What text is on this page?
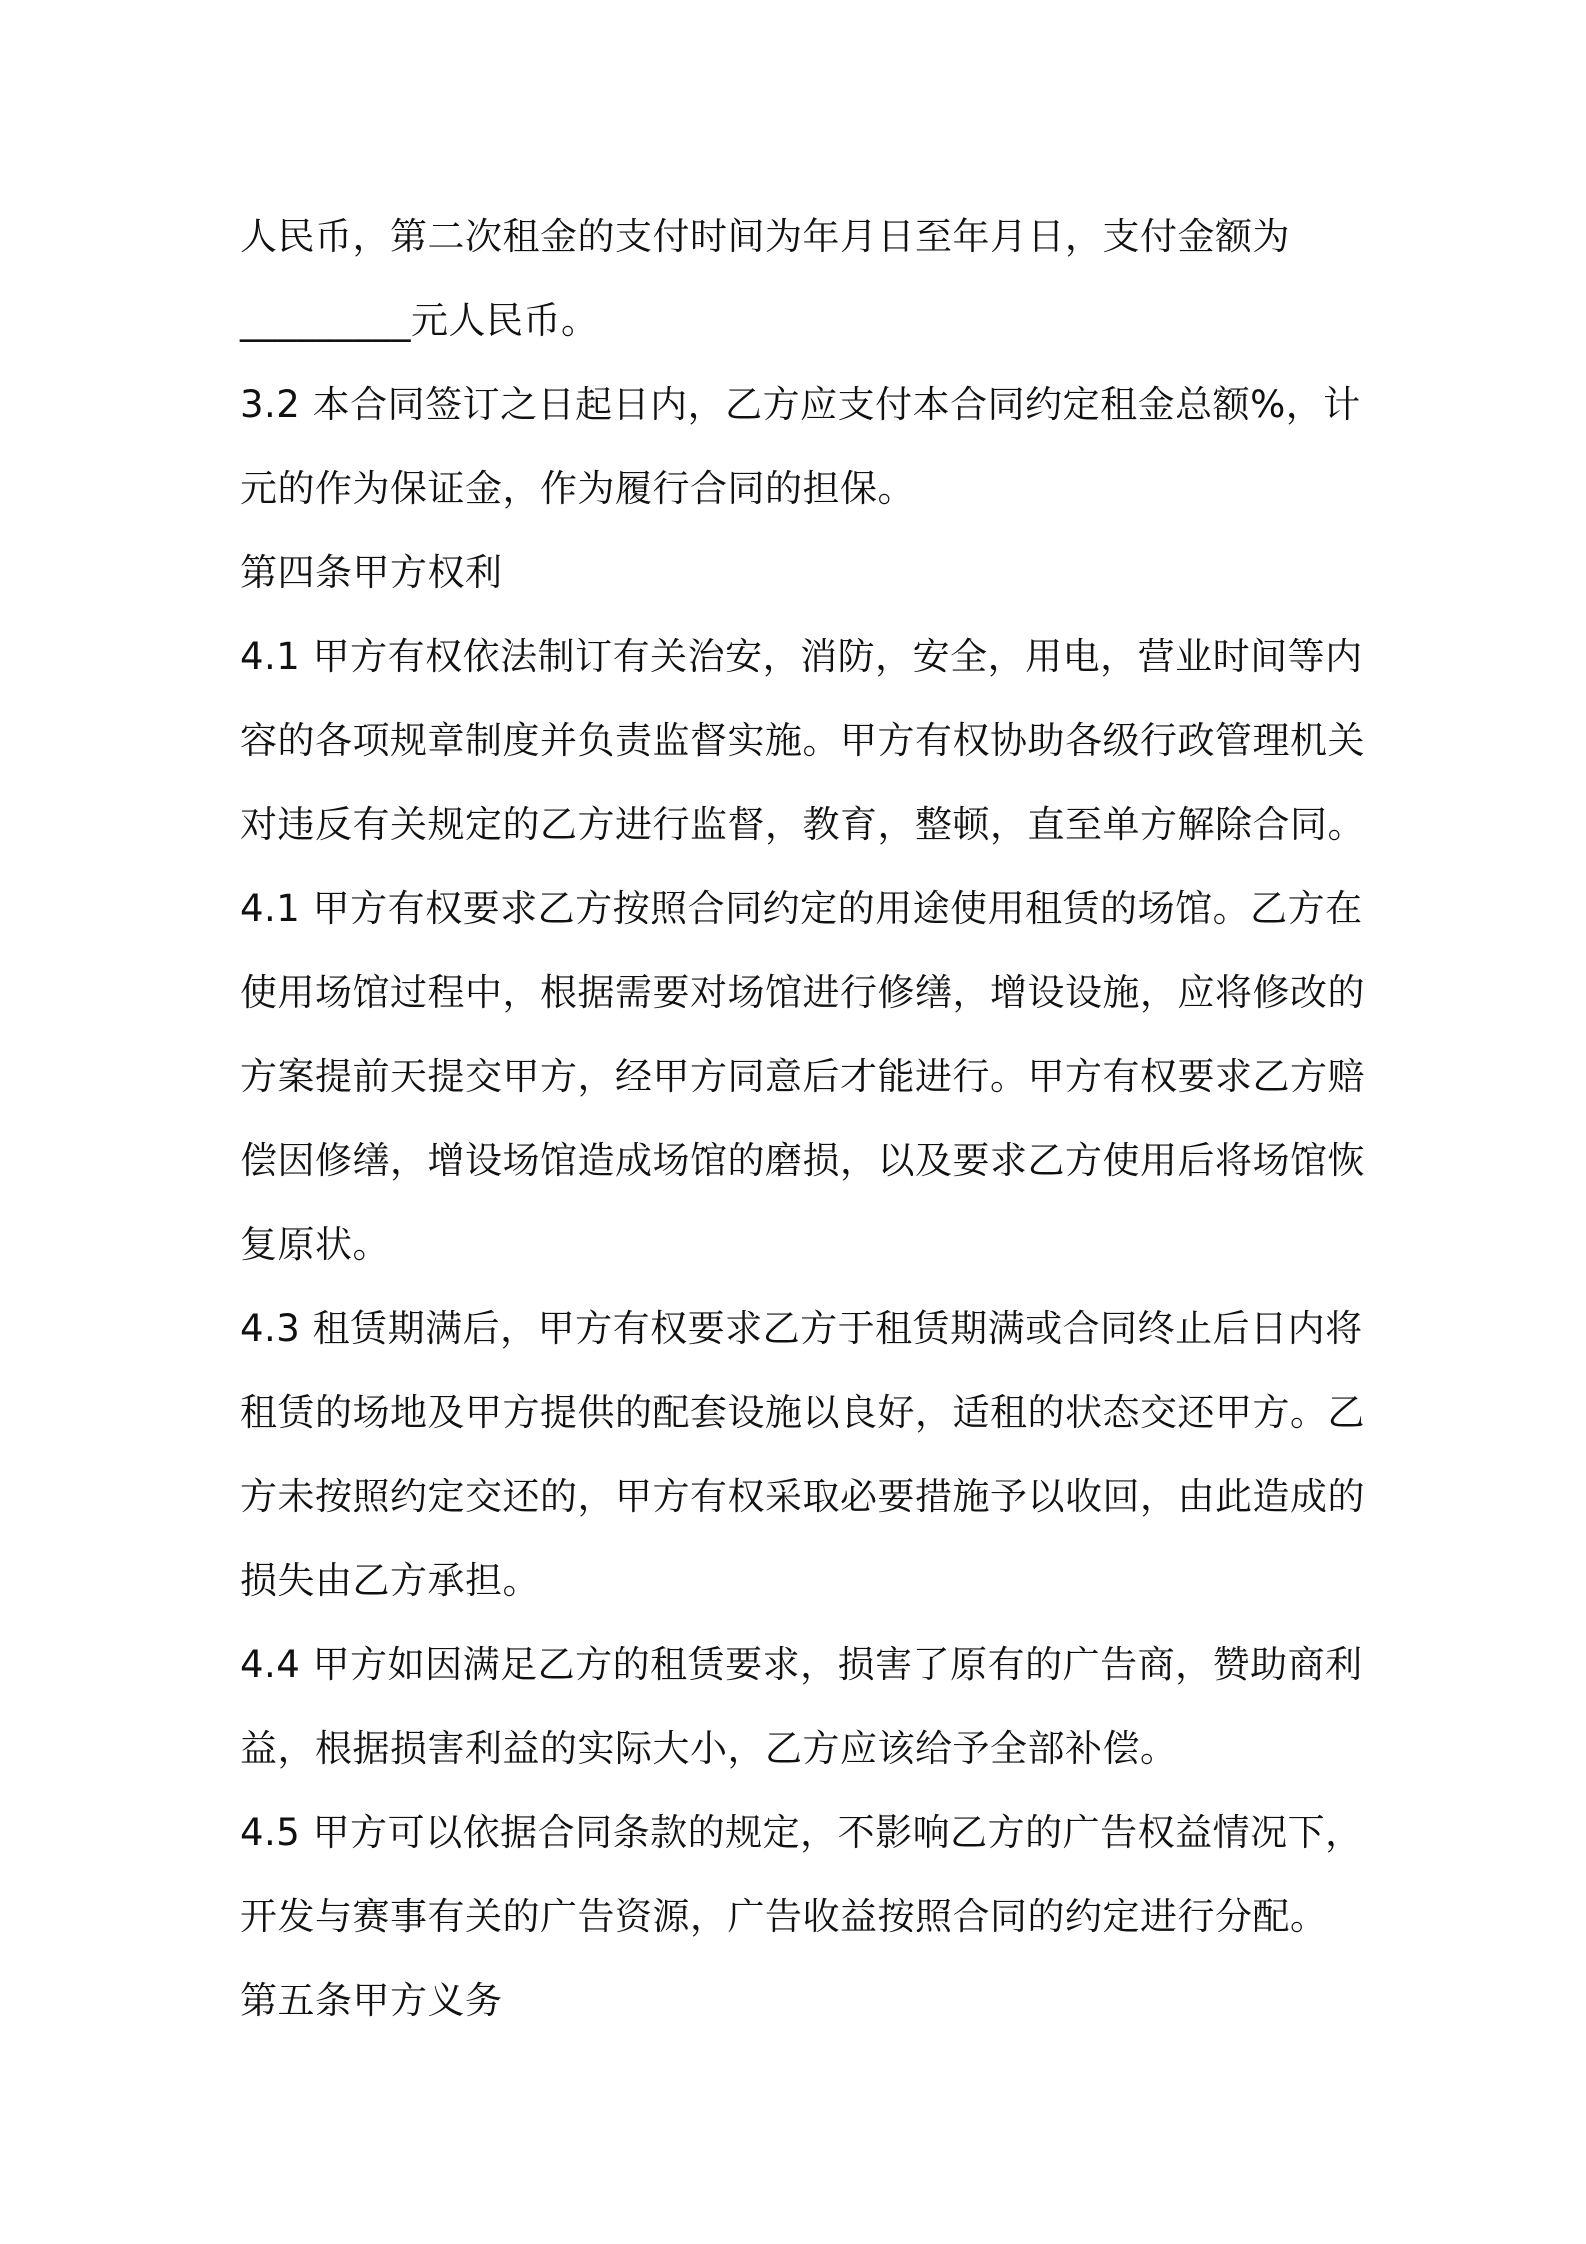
人民币，第二次租金的支付时间为年月日至年月日，支付金额为

_________元人民币。

3.2 本合同签订之日起日内，乙方应支付本合同约定租金总额%，计

元的作为保证金，作为履行合同的担保。

第四条甲方权利

4.1 甲方有权依法制订有关治安，消防，安全，用电，营业时间等内

容的各项规章制度并负责监督实施。甲方有权协助各级行政管理机关

对违反有关规定的乙方进行监督，教育，整顿，直至单方解除合同。

4.1 甲方有权要求乙方按照合同约定的用途使用租赁的场馆。乙方在

使用场馆过程中，根据需要对场馆进行修缮，增设设施，应将修改的

方案提前天提交甲方，经甲方同意后才能进行。甲方有权要求乙方赔

偿因修缮，增设场馆造成场馆的磨损，以及要求乙方使用后将场馆恢

复原状。

4.3 租赁期满后，甲方有权要求乙方于租赁期满或合同终止后日内将

租赁的场地及甲方提供的配套设施以良好，适租的状态交还甲方。乙

方未按照约定交还的，甲方有权采取必要措施予以收回，由此造成的

损失由乙方承担。

4.4 甲方如因满足乙方的租赁要求，损害了原有的广告商，赞助商利

益，根据损害利益的实际大小，乙方应该给予全部补偿。

4.5 甲方可以依据合同条款的规定，不影响乙方的广告权益情况下，

开发与赛事有关的广告资源，广告收益按照合同的约定进行分配。

第五条甲方义务
